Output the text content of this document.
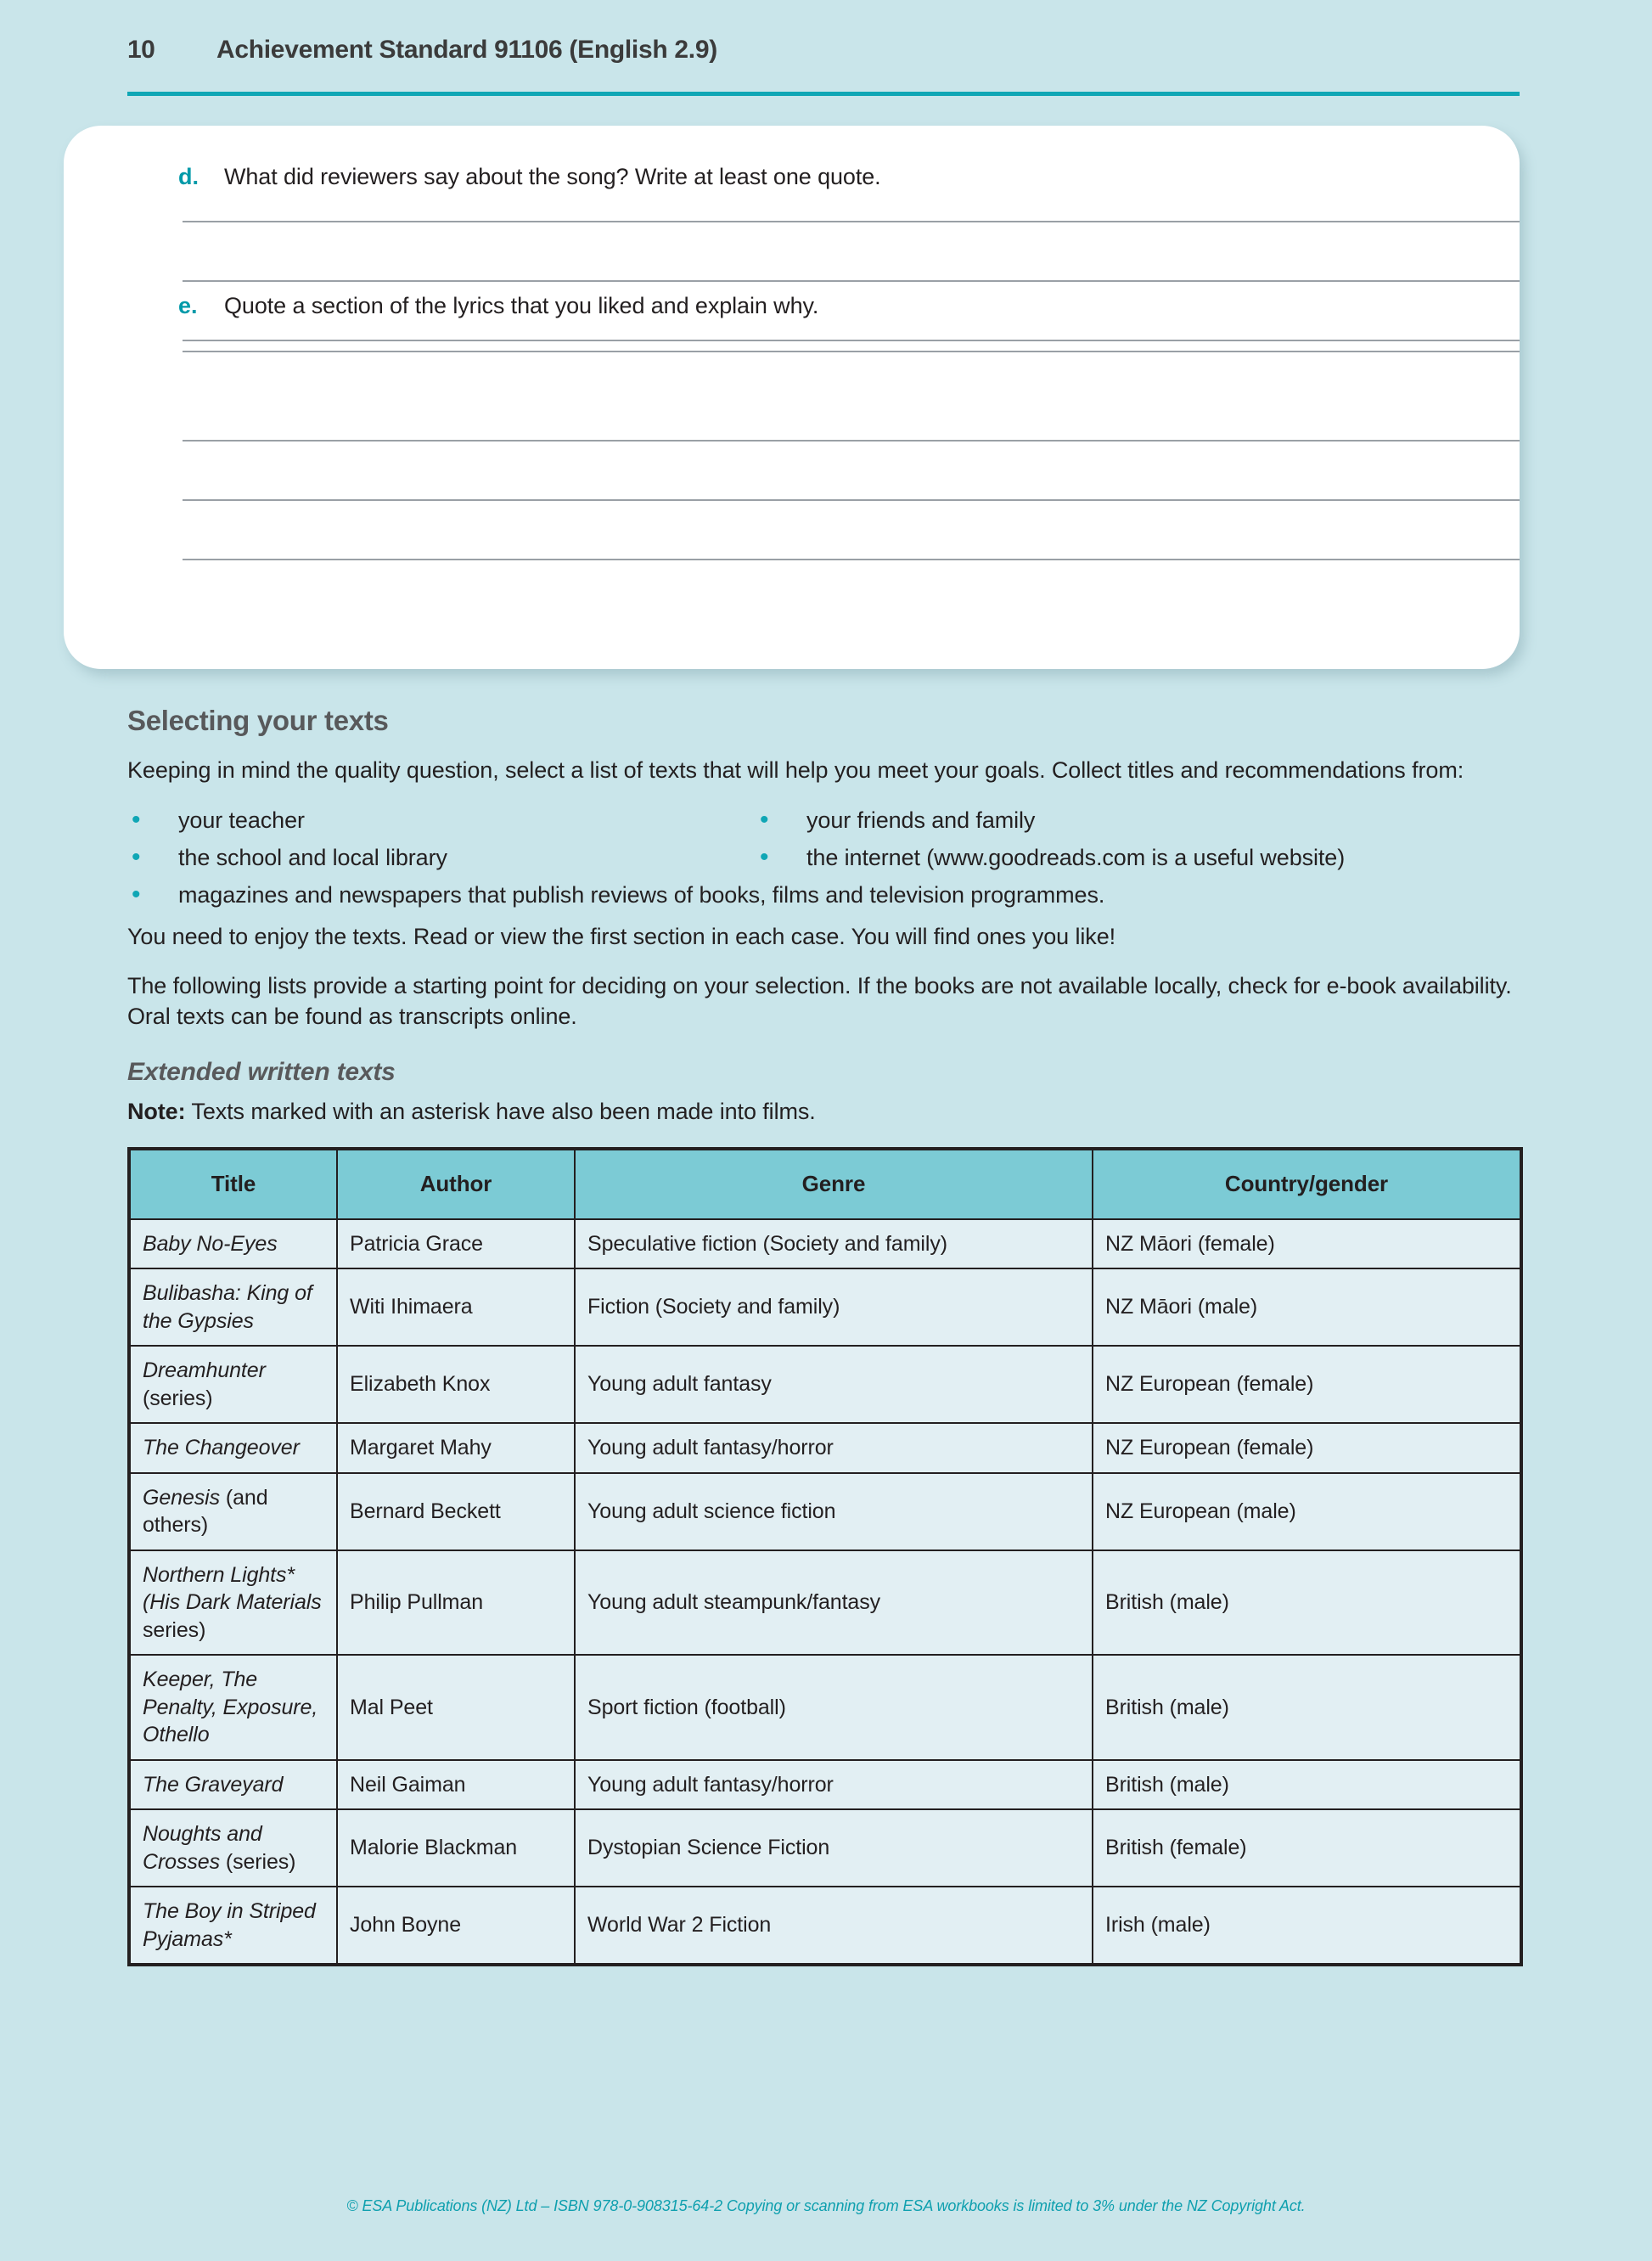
10	Achievement Standard 91106 (English 2.9)
d.	What did reviewers say about the song? Write at least one quote.
e.	Quote a section of the lyrics that you liked and explain why.
Selecting your texts

Keeping in mind the quality question, select a list of texts that will help you meet your goals. Collect titles and recommendations from:

•	your teacher	•	your friends and family
•	the school and local library	•	the internet (www.goodreads.com is a useful website)
•	magazines and newspapers that publish reviews of books, films and television programmes.

You need to enjoy the texts. Read or view the first section in each case. You will find ones you like!

The following lists provide a starting point for deciding on your selection. If the books are not available locally, check for e-book availability. Oral texts can be found as transcripts online.

Extended written texts

Note: Texts marked with an asterisk have also been made into films.

Title	Author	Genre	Country/gender
Baby No-Eyes	Patricia Grace	Speculative fiction (Society and family)	NZ Māori (female)
Bulibasha: King of the Gypsies	Witi Ihimaera	Fiction (Society and family)	NZ Māori (male)
Dreamhunter (series)	Elizabeth Knox	Young adult fantasy	NZ European (female)
The Changeover	Margaret Mahy	Young adult fantasy/horror	NZ European (female)
Genesis (and others)	Bernard Beckett	Young adult science fiction	NZ European (male)
Northern Lights* (His Dark Materials series)	Philip Pullman	Young adult steampunk/fantasy	British (male)
Keeper, The Penalty, Exposure, Othello	Mal Peet	Sport fiction (football)	British (male)
The Graveyard	Neil Gaiman	Young adult fantasy/horror	British (male)
Noughts and Crosses (series)	Malorie Blackman	Dystopian Science Fiction	British (female)
The Boy in Striped Pyjamas*	John Boyne	World War 2 Fiction	Irish (male)
© ESA Publications (NZ) Ltd – ISBN 978-0-908315-64-2 Copying or scanning from ESA workbooks is limited to 3% under the NZ Copyright Act.
